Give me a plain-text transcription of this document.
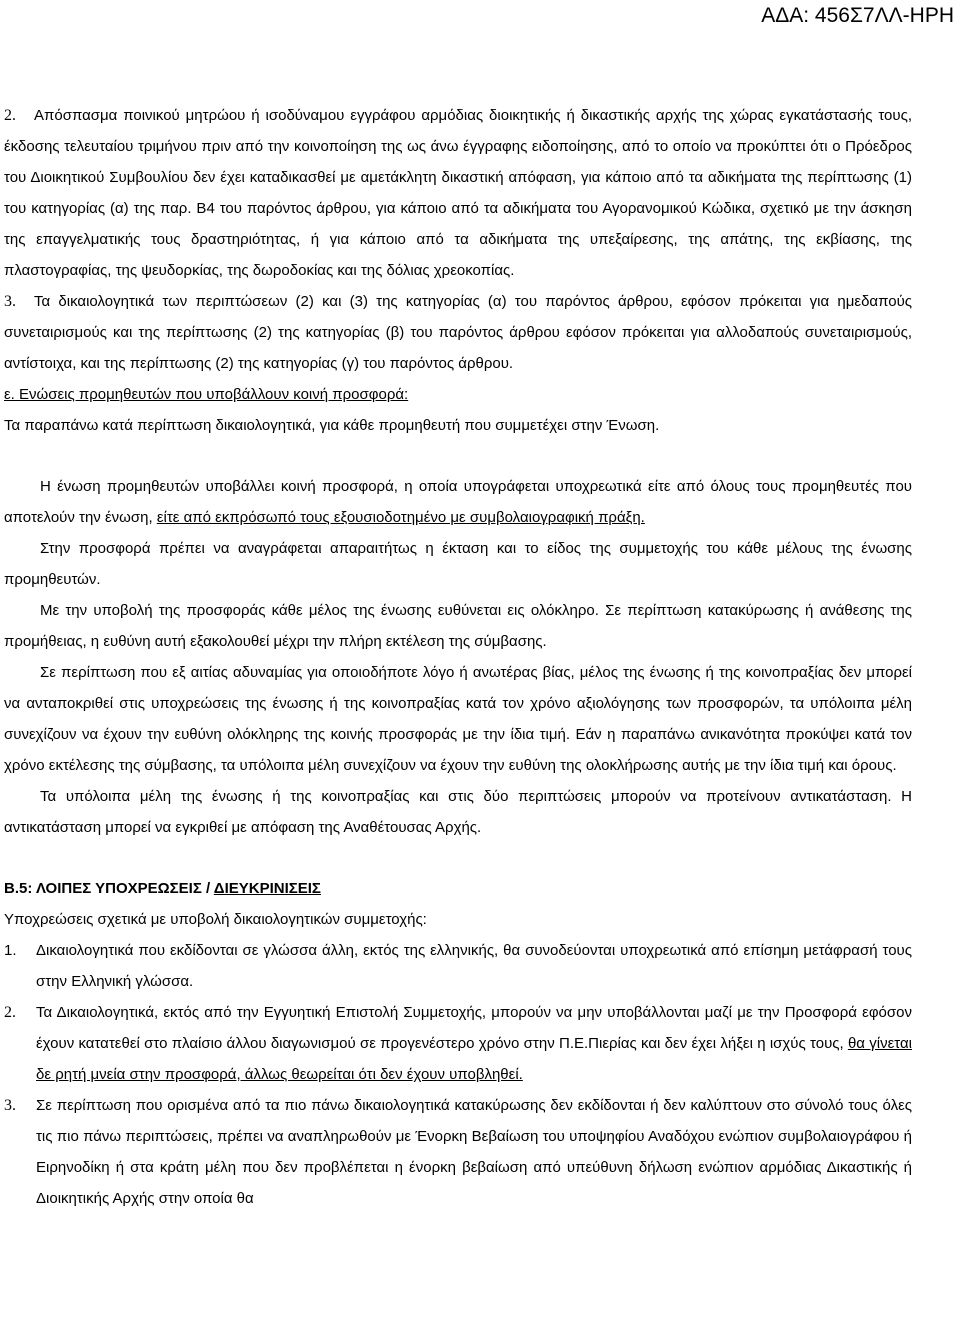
ΑΔΑ: 456Σ7ΛΛ-ΗΡΗ

2. Απόσπασμα ποινικού μητρώου ή ισοδύναμου εγγράφου αρμόδιας διοικητικής ή δικαστικής αρχής της χώρας εγκατάστασής τους, έκδοσης τελευταίου τριμήνου πριν από την κοινοποίηση της ως άνω έγγραφης ειδοποίησης, από το οποίο να προκύπτει ότι ο Πρόεδρος του Διοικητικού Συμβουλίου δεν έχει καταδικασθεί με αμετάκλητη δικαστική απόφαση, για κάποιο από τα αδικήματα της περίπτωσης (1) του κατηγορίας (α) της παρ. Β4 του παρόντος άρθρου, για κάποιο από τα αδικήματα του Αγορανομικού Κώδικα, σχετικό με την άσκηση της επαγγελματικής τους δραστηριότητας, ή για κάποιο από τα αδικήματα της υπεξαίρεσης, της απάτης, της εκβίασης, της πλαστογραφίας, της ψευδορκίας, της δωροδοκίας και της δόλιας χρεοκοπίας.

3. Τα δικαιολογητικά των περιπτώσεων (2) και (3) της κατηγορίας (α) του παρόντος άρθρου, εφόσον πρόκειται για ημεδαπούς συνεταιρισμούς και της περίπτωσης (2) της κατηγορίας (β) του παρόντος άρθρου εφόσον πρόκειται για αλλοδαπούς συνεταιρισμούς, αντίστοιχα, και της περίπτωσης (2) της κατηγορίας (γ) του παρόντος άρθρου.

ε. Ενώσεις προμηθευτών που υποβάλλουν κοινή προσφορά:

Τα παραπάνω κατά περίπτωση δικαιολογητικά, για κάθε προμηθευτή που συμμετέχει στην Ένωση.

Η ένωση προμηθευτών υποβάλλει κοινή προσφορά, η οποία υπογράφεται υποχρεωτικά είτε από όλους τους προμηθευτές που αποτελούν την ένωση, είτε από εκπρόσωπό τους εξουσιοδοτημένο με συμβολαιογραφική πράξη.

Στην προσφορά πρέπει να αναγράφεται απαραιτήτως η έκταση και το είδος της συμμετοχής του κάθε μέλους της ένωσης προμηθευτών.

Με την υποβολή της προσφοράς κάθε μέλος της ένωσης ευθύνεται εις ολόκληρο. Σε περίπτωση κατακύρωσης ή ανάθεσης της προμήθειας, η ευθύνη αυτή εξακολουθεί μέχρι την πλήρη εκτέλεση της σύμβασης.

Σε περίπτωση που εξ αιτίας αδυναμίας για οποιοδήποτε λόγο ή ανωτέρας βίας, μέλος της ένωσης ή της κοινοπραξίας δεν μπορεί να ανταποκριθεί στις υποχρεώσεις της ένωσης ή της κοινοπραξίας κατά τον χρόνο αξιολόγησης των προσφορών, τα υπόλοιπα μέλη συνεχίζουν να έχουν την ευθύνη ολόκληρης της κοινής προσφοράς με την ίδια τιμή. Εάν η παραπάνω ανικανότητα προκύψει κατά τον χρόνο εκτέλεσης της σύμβασης, τα υπόλοιπα μέλη συνεχίζουν να έχουν την ευθύνη της ολοκλήρωσης αυτής με την ίδια τιμή και όρους.

Τα υπόλοιπα μέλη της ένωσης ή της κοινοπραξίας και στις δύο περιπτώσεις μπορούν να προτείνουν αντικατάσταση. Η αντικατάσταση μπορεί να εγκριθεί με απόφαση της Αναθέτουσας Αρχής.

Β.5: ΛΟΙΠΕΣ ΥΠΟΧΡΕΩΣΕΙΣ / ΔΙΕΥΚΡΙΝΙΣΕΙΣ

Υποχρεώσεις σχετικά με υποβολή δικαιολογητικών συμμετοχής:

1. Δικαιολογητικά που εκδίδονται σε γλώσσα άλλη, εκτός της ελληνικής, θα συνοδεύονται υποχρεωτικά από επίσημη μετάφρασή τους στην Ελληνική γλώσσα.

2. Τα Δικαιολογητικά, εκτός από την Εγγυητική Επιστολή Συμμετοχής, μπορούν να μην υποβάλλονται μαζί με την Προσφορά εφόσον έχουν κατατεθεί στο πλαίσιο άλλου διαγωνισμού σε προγενέστερο χρόνο στην Π.Ε.Πιερίας και δεν έχει λήξει η ισχύς τους, θα γίνεται δε ρητή μνεία στην προσφορά, άλλως θεωρείται ότι δεν έχουν υποβληθεί.

3. Σε περίπτωση που ορισμένα από τα πιο πάνω δικαιολογητικά κατακύρωσης δεν εκδίδονται ή δεν καλύπτουν στο σύνολό τους όλες τις πιο πάνω περιπτώσεις, πρέπει να αναπληρωθούν με Ένορκη Βεβαίωση του υποψηφίου Αναδόχου ενώπιον συμβολαιογράφου ή Ειρηνοδίκη ή στα κράτη μέλη που δεν προβλέπεται η ένορκη βεβαίωση από υπεύθυνη δήλωση ενώπιον αρμόδιας Δικαστικής ή Διοικητικής Αρχής στην οποία θα
